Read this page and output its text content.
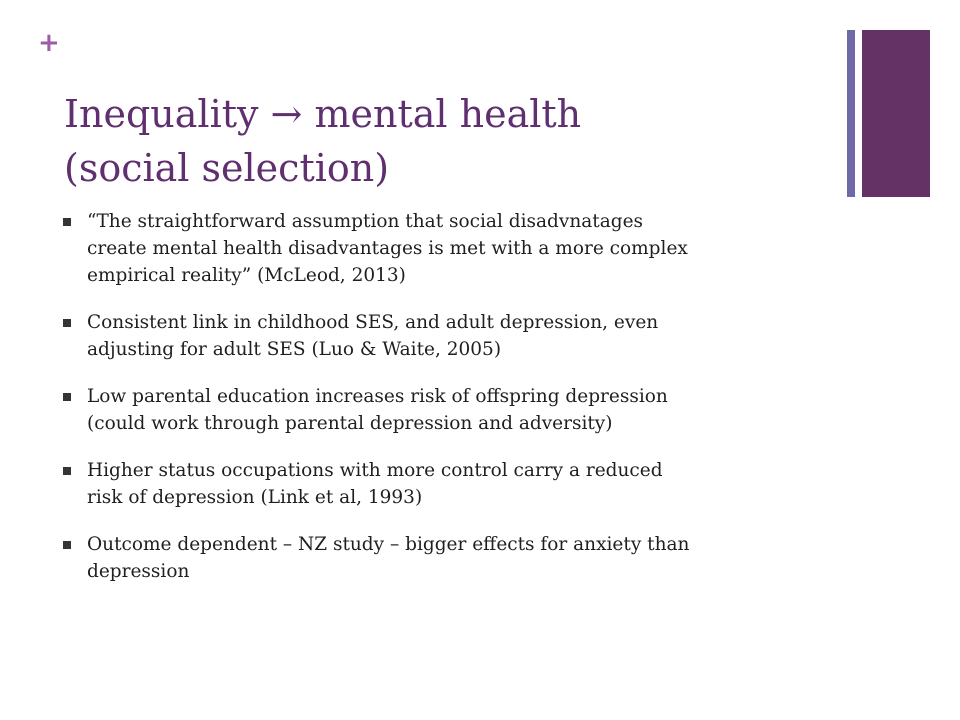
+
Inequality → mental health
(social selection)
“The straightforward assumption that social disadvnatages
create mental health disadvantages is met with a more complex
empirical reality” (McLeod, 2013)
Consistent link in childhood SES, and adult depression, even
adjusting for adult SES (Luo & Waite, 2005)
Low parental education increases risk of offspring depression
(could work through parental depression and adversity)
Higher status occupations with more control carry a reduced
risk of depression (Link et al, 1993)
Outcome dependent – NZ study – bigger effects for anxiety than
depression
